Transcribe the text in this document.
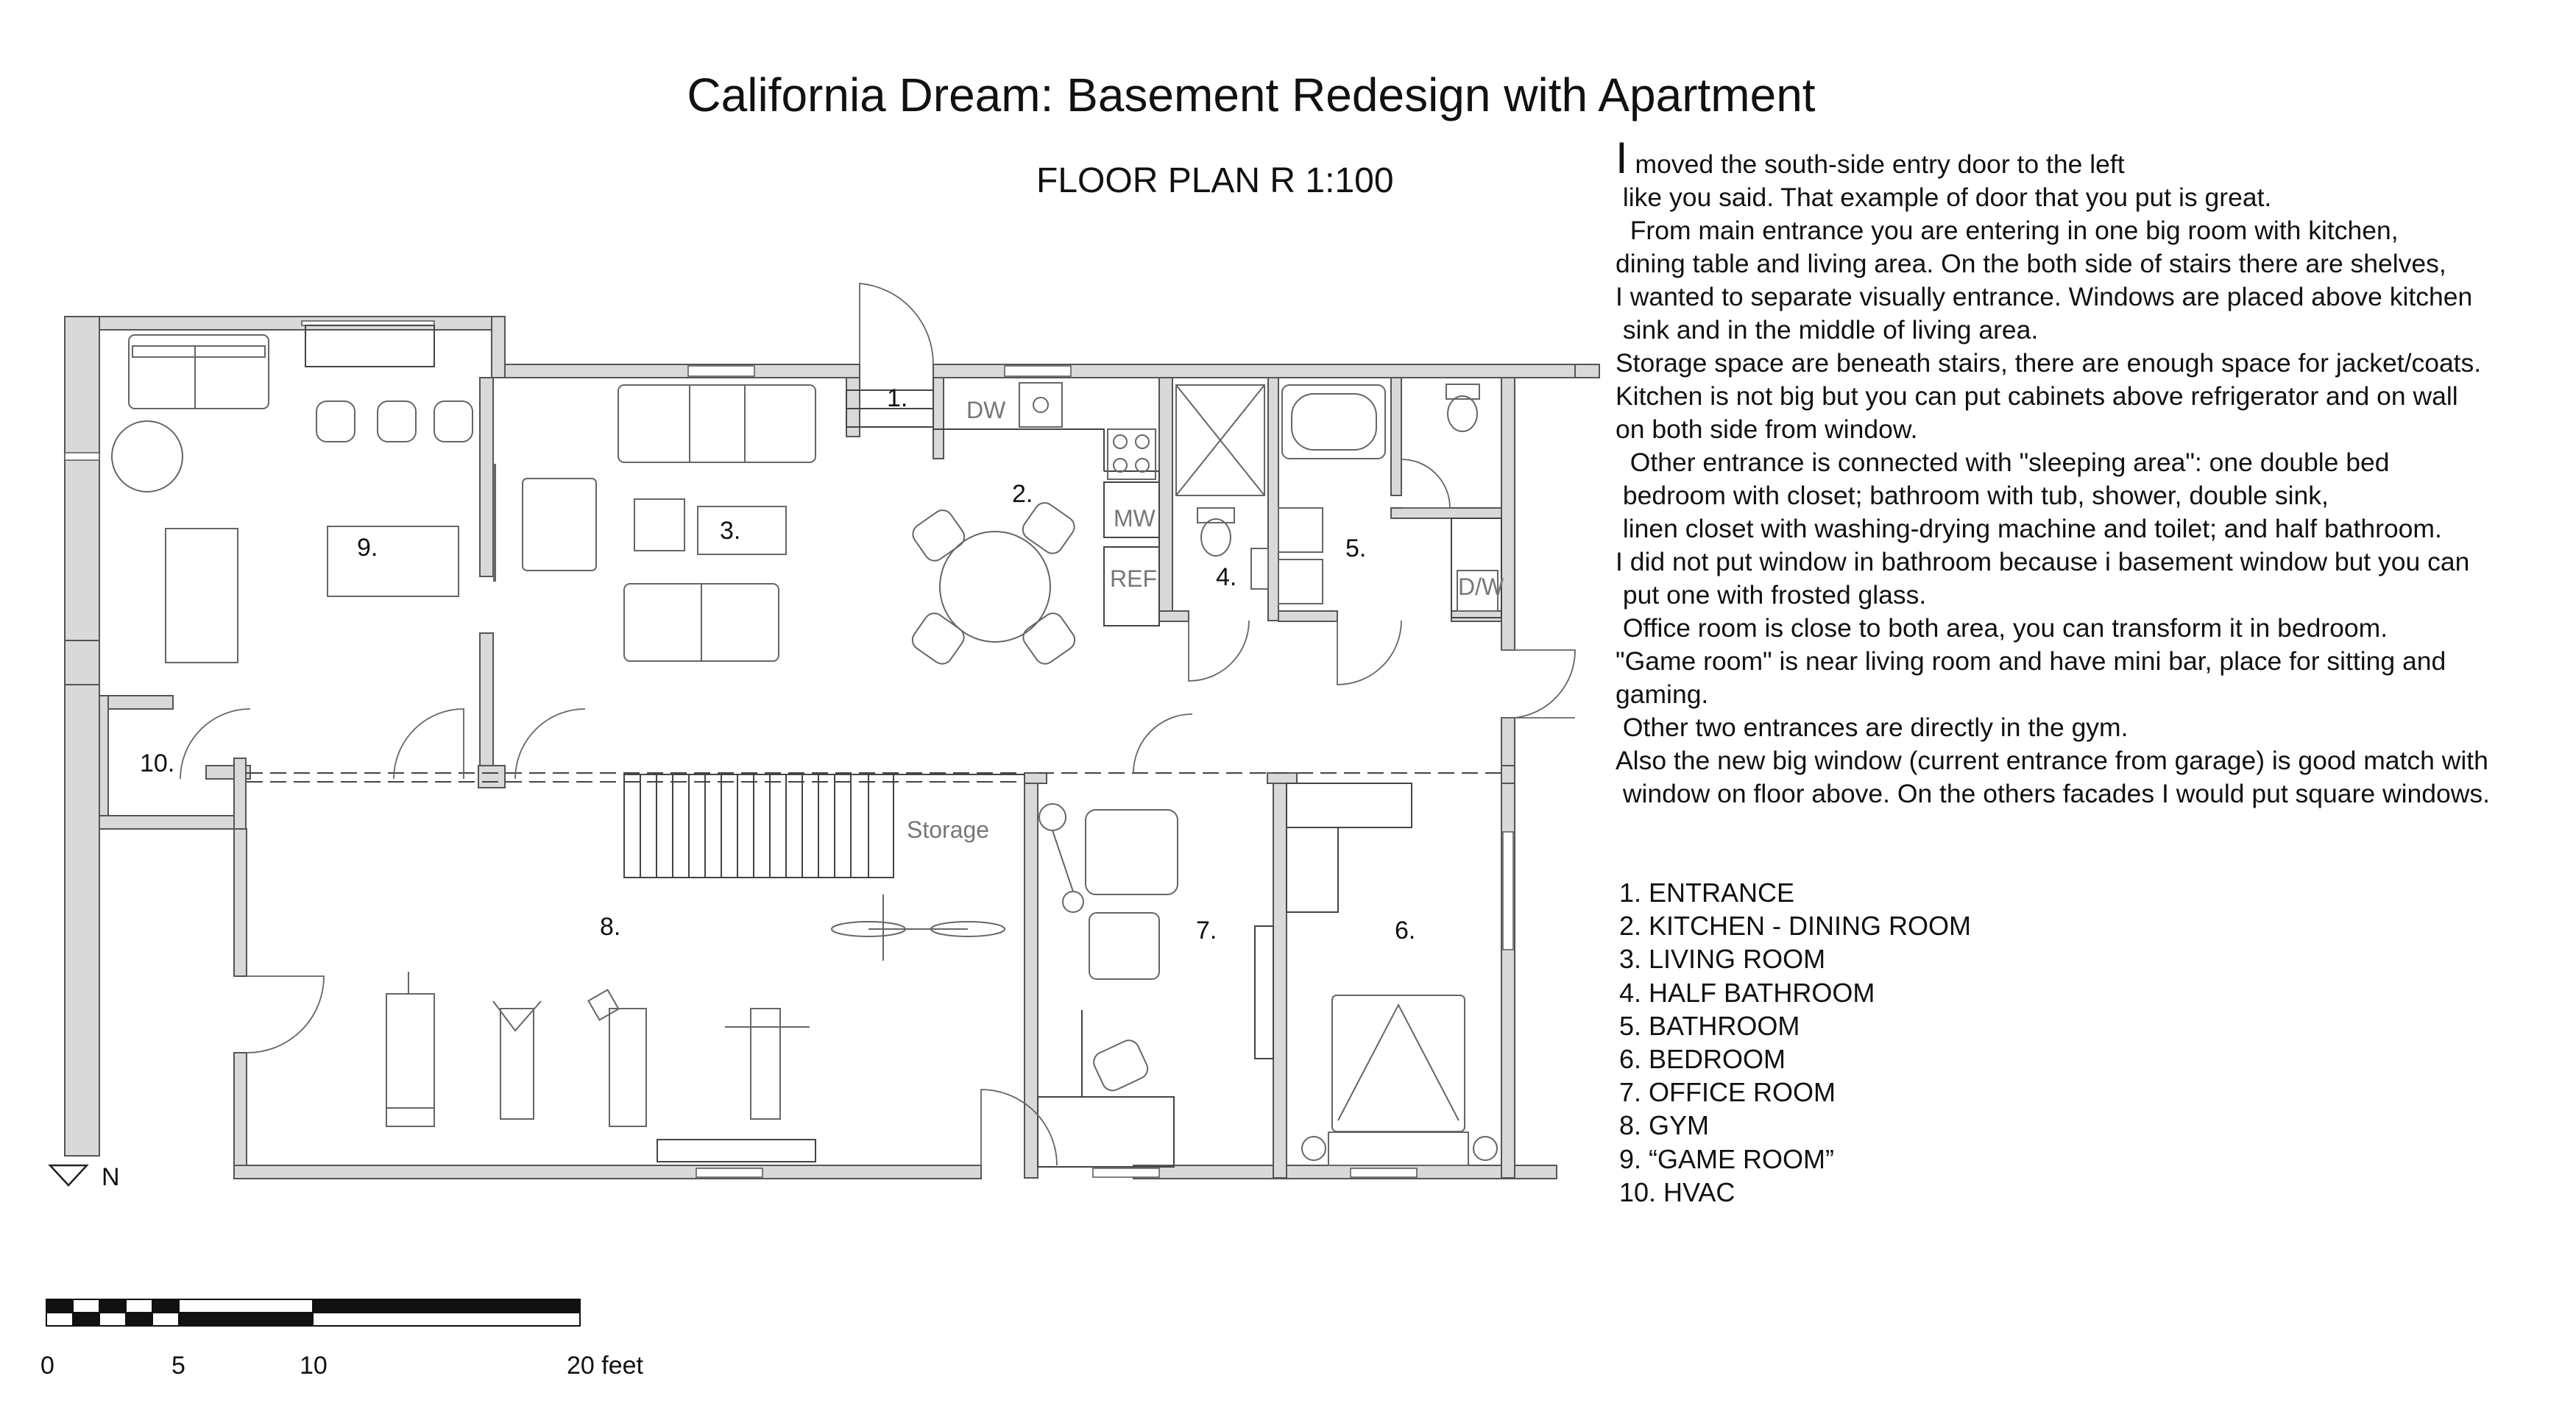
California Dream: Basement Redesign with Apartment
FLOOR PLAN R 1:100	I moved the south-side entry door to the left
like you said. That example of door that you put is great.
From main entrance you are entering in one big room with kitchen,
dining table and living area. On the both side of stairs there are shelves,
I wanted to separate visually entrance. Windows are placed above kitchen
sink and in the middle of living area.
Storage space are beneath stairs, there are enough space for jacket/coats.
Kitchen is not big but you can put cabinets above refrigerator and on wall
on both side from window.
Other entrance is connected with "sleeping area": one double bed
bedroom with closet; bathroom with tub, shower, double sink,
linen closet with washing-drying machine and toilet; and half bathroom.
I did not put window in bathroom because i basement window but you can
put one with frosted glass.
Office room is close to both area, you can transform it in bedroom.
"Game room" is near living room and have mini bar, place for sitting and
gaming.
Other two entrances are directly in the gym.
Also the new big window (current entrance from garage) is good match with
window on floor above. On the others facades I would put square windows.
1. ENTRANCE
2. KITCHEN - DINING ROOM
3. LIVING ROOM
4. HALF BATHROOM
5. BATHROOM
6. BEDROOM
7. OFFICE ROOM
8. GYM
9. “GAME ROOM”
10. HVAC
DW
MW
REF	D/W
Storage
1.
2.
3.
4.
5.
6.
7.
8.
9.
10.
N
0	5	10	20 feet
